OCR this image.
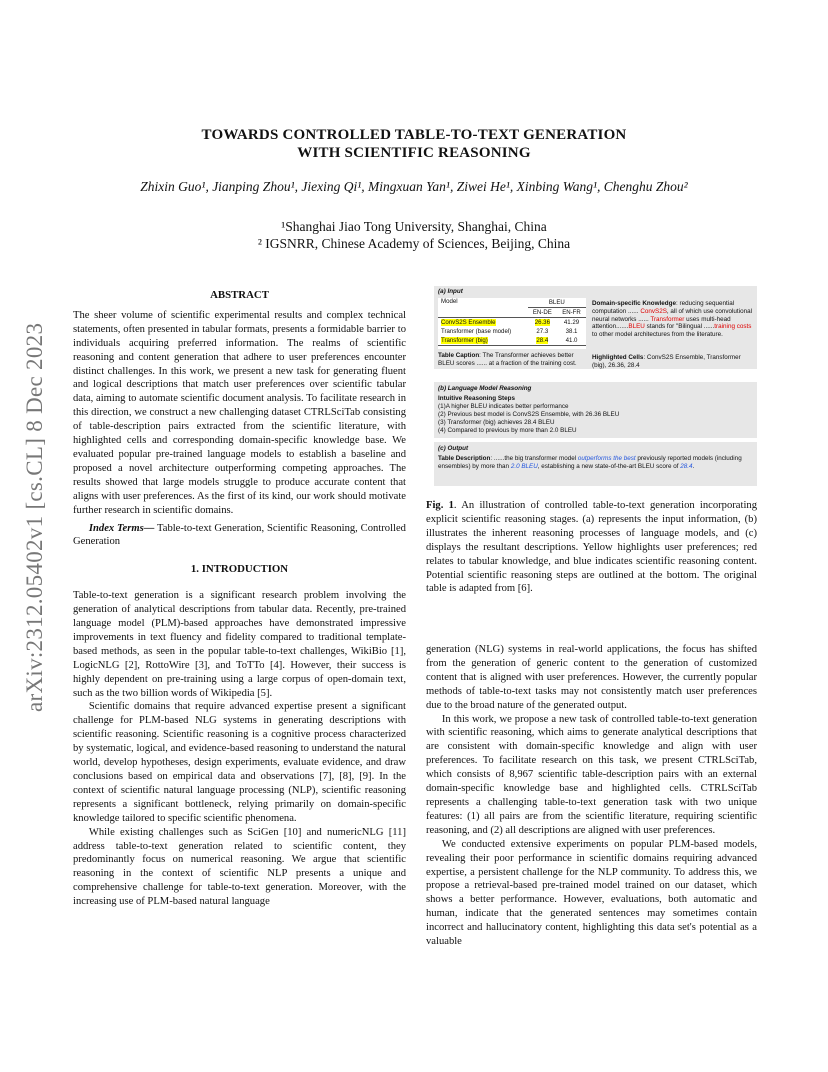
arXiv:2312.05402v1 [cs.CL] 8 Dec 2023
TOWARDS CONTROLLED TABLE-TO-TEXT GENERATION
WITH SCIENTIFIC REASONING
Zhixin Guo¹, Jianping Zhou¹, Jiexing Qi¹, Mingxuan Yan¹, Ziwei He¹, Xinbing Wang¹, Chenghu Zhou²
¹Shanghai Jiao Tong University, Shanghai, China
² IGSNRR, Chinese Academy of Sciences, Beijing, China
ABSTRACT

The sheer volume of scientific experimental results and complex technical statements, often presented in tabular formats, presents a formidable barrier to individuals acquiring preferred information. The realms of scientific reasoning and content generation that adhere to user preferences encounter distinct challenges. In this work, we present a new task for generating fluent and logical descriptions that match user preferences over scientific tabular data, aiming to automate scientific document analysis. To facilitate research in this direction, we construct a new challenging dataset CTRLSciTab consisting of table-description pairs extracted from the scientific literature, with highlighted cells and corresponding domain-specific knowledge base. We evaluated popular pre-trained language models to establish a baseline and proposed a novel architecture outperforming competing approaches. The results showed that large models struggle to produce accurate content that aligns with user preferences. As the first of its kind, our work should motivate further research in scientific domains.

Index Terms— Table-to-text Generation, Scientific Reasoning, Controlled Generation

1. INTRODUCTION

Table-to-text generation is a significant research problem involving the generation of analytical descriptions from tabular data. Recently, pre-trained language model (PLM)-based approaches have demonstrated impressive improvements in text fluency and fidelity compared to traditional template-based methods, as seen in the popular table-to-text challenges, WikiBio [1], LogicNLG [2], RottoWire [3], and ToTTo [4]. However, their success is highly dependent on pre-training using a large corpus of open-domain text, such as the two billion words of Wikipedia [5].

Scientific domains that require advanced expertise present a significant challenge for PLM-based NLG systems in generating descriptions with scientific reasoning. Scientific reasoning is a cognitive process characterized by systematic, logical, and evidence-based reasoning to understand the natural world, develop hypotheses, design experiments, evaluate evidence, and draw conclusions based on empirical data and observations [7], [8], [9]. In the context of scientific natural language processing (NLP), scientific reasoning represents a significant bottleneck, relying primarily on domain-specific knowledge tailored to specific scientific phenomena.

While existing challenges such as SciGen [10] and numericNLG [11] address table-to-text generation related to scientific content, they predominantly focus on numerical reasoning. We argue that scientific reasoning in the context of scientific NLP presents a unique and comprehensive challenge for table-to-text generation. Moreover, with the increasing use of PLM-based natural language

(a) Input
Model	BLEU	
	EN-DE	EN-FR
ConvS2S Ensemble	26.36	41.29
Transformer (base model)	27.3	38.1
Transformer (big)	28.4	41.0
Domain-specific Knowledge: reducing sequential computation ...... ConvS2S, all of which use convolutional neural networks ...... Transformer uses multi-head attention.......BLEU stands for "Bilingual ......training costs to other model architectures from the literature.
Table Caption: The Transformer achieves better BLEU scores ...... at a fraction of the training cost.
Highlighted Cells: ConvS2S Ensemble, Transformer (big), 26.36, 28.4
(b) Language Model Reasoning
Intuitive Reasoning Steps
(1)A higher BLEU indicates better performance
(2) Previous best model is ConvS2S Ensemble, with 26.36 BLEU
(3) Transformer (big) achieves 28.4 BLEU
(4) Compared to previous by more than 2.0 BLEU
(c) Output
Table Description: ......the big transformer model outperforms the best previously reported models (including ensembles) by more than 2.0 BLEU, establishing a new state-of-the-art BLEU score of 28.4.

Fig. 1. An illustration of controlled table-to-text generation incorporating explicit scientific reasoning stages. (a) represents the input information, (b) illustrates the inherent reasoning processes of language models, and (c) displays the resultant descriptions. Yellow highlights user preferences; red relates to tabular knowledge, and blue indicates scientific reasoning content. Potential scientific reasoning steps are outlined at the bottom. The original table is adapted from [6].

generation (NLG) systems in real-world applications, the focus has shifted from the generation of generic content to the generation of customized content that is aligned with user preferences. However, the currently popular methods of table-to-text tasks may not consistently match user preferences due to the broad nature of the generated output.

In this work, we propose a new task of controlled table-to-text generation with scientific reasoning, which aims to generate analytical descriptions that are consistent with domain-specific knowledge and align with user preferences. To facilitate research on this task, we present CTRLSciTab, which consists of 8,967 scientific table-description pairs with an external domain-specific knowledge base and highlighted cells. CTRLSciTab represents a challenging table-to-text generation task with two unique features: (1) all pairs are from the scientific literature, requiring scientific reasoning, and (2) all descriptions are aligned with user preferences.

We conducted extensive experiments on popular PLM-based models, revealing their poor performance in scientific domains requiring advanced expertise, a persistent challenge for the NLP community. To address this, we propose a retrieval-based pre-trained model trained on our dataset, which shows a better performance. However, evaluations, both automatic and human, indicate that the generated sentences may sometimes contain incorrect and hallucinatory content, highlighting this data set's potential as a valuable
